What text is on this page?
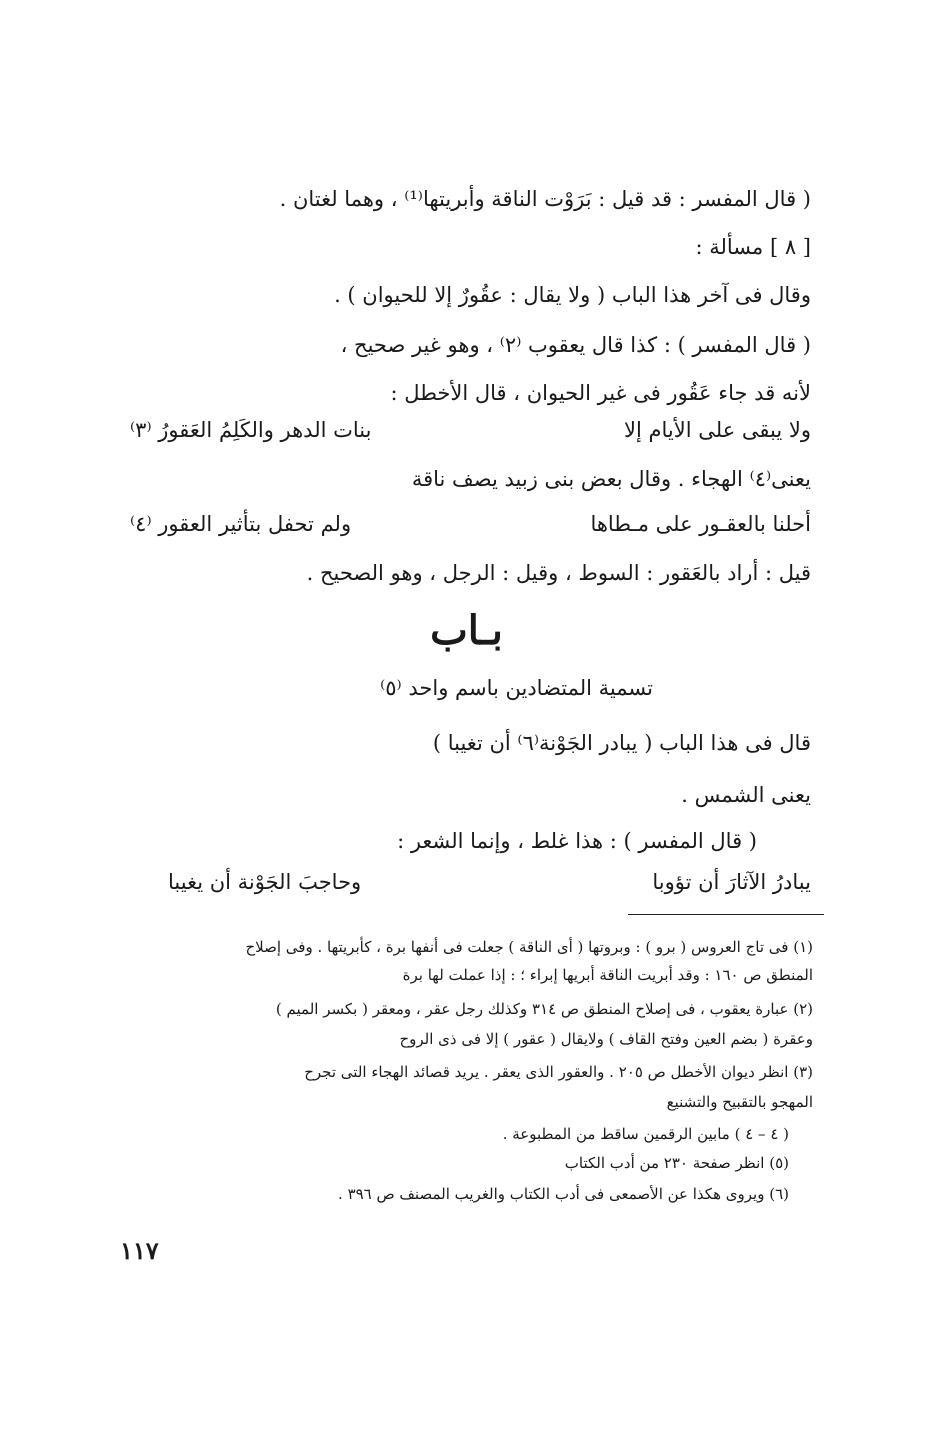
( قال المفسر : قد قيل : بَرَوْت الناقة وأبريتها⁽¹⁾ ، وهما لغتان .
[ ٨ ] مسألة :
وقال فى آخر هذا الباب ( ولا يقال : عقُورٌ إلا للحيوان ) .
( قال المفسر ) : كذا قال يعقوب ⁽٢⁾ ، وهو غير صحيح ،
لأنه قد جاء عَقُور فى غير الحيوان ، قال الأخطل :
ولا يبقى على الأيام إلا
بنات الدهر والكَلِمُ العَقورُ ⁽٣⁾
يعنى⁽٤⁾ الهجاء . وقال بعض بنى زبيد يصف ناقة
أحلنا بالعقـور على مـطاها
ولم تحفل بتأثير العقور ⁽٤⁾
قيل : أراد بالعَقور : السوط ، وقيل : الرجل ، وهو الصحيح .
بـاب
تسمية المتضادين باسم واحد ⁽٥⁾
قال فى هذا الباب ( يبادر الجَوْنة⁽٦⁾ أن تغيبا )
يعنى الشمس .
( قال المفسر ) : هذا غلط ، وإنما الشعر :
يبادرُ الآثارَ أن تؤوبا
وحاجبَ الجَوْنة أن يغيبا
(١) فى تاج العروس ( برو ) : وبروتها ( أى الناقة ) جعلت فى أنفها برة ، كأبريتها . وفى إصلاح
المنطق ص ١٦٠ : وقد أبريت الناقة أبريها إبراء ؛ : إذا عملت لها برة
(٢) عبارة يعقوب ، فى إصلاح المنطق ص ٣١٤ وكذلك رجل عقر ، ومعقر ( بكسر الميم )
وعقرة ( بضم العين وفتح القاف ) ولايقال ( عقور ) إلا فى ذى الروح
(٣) انظر ديوان الأخطل ص ٢٠٥ . والعقور الذى يعقر . يريد قصائد الهجاء التى تجرح
المهجو بالتقبيح والتشنيع
( ٤ – ٤ ) مابين الرقمين ساقط من المطبوعة .
(٥) انظر صفحة ٢٣٠ من أدب الكتاب
(٦) ويروى هكذا عن الأصمعى فى أدب الكتاب والغريب المصنف ص ٣٩٦ .
١١٧
